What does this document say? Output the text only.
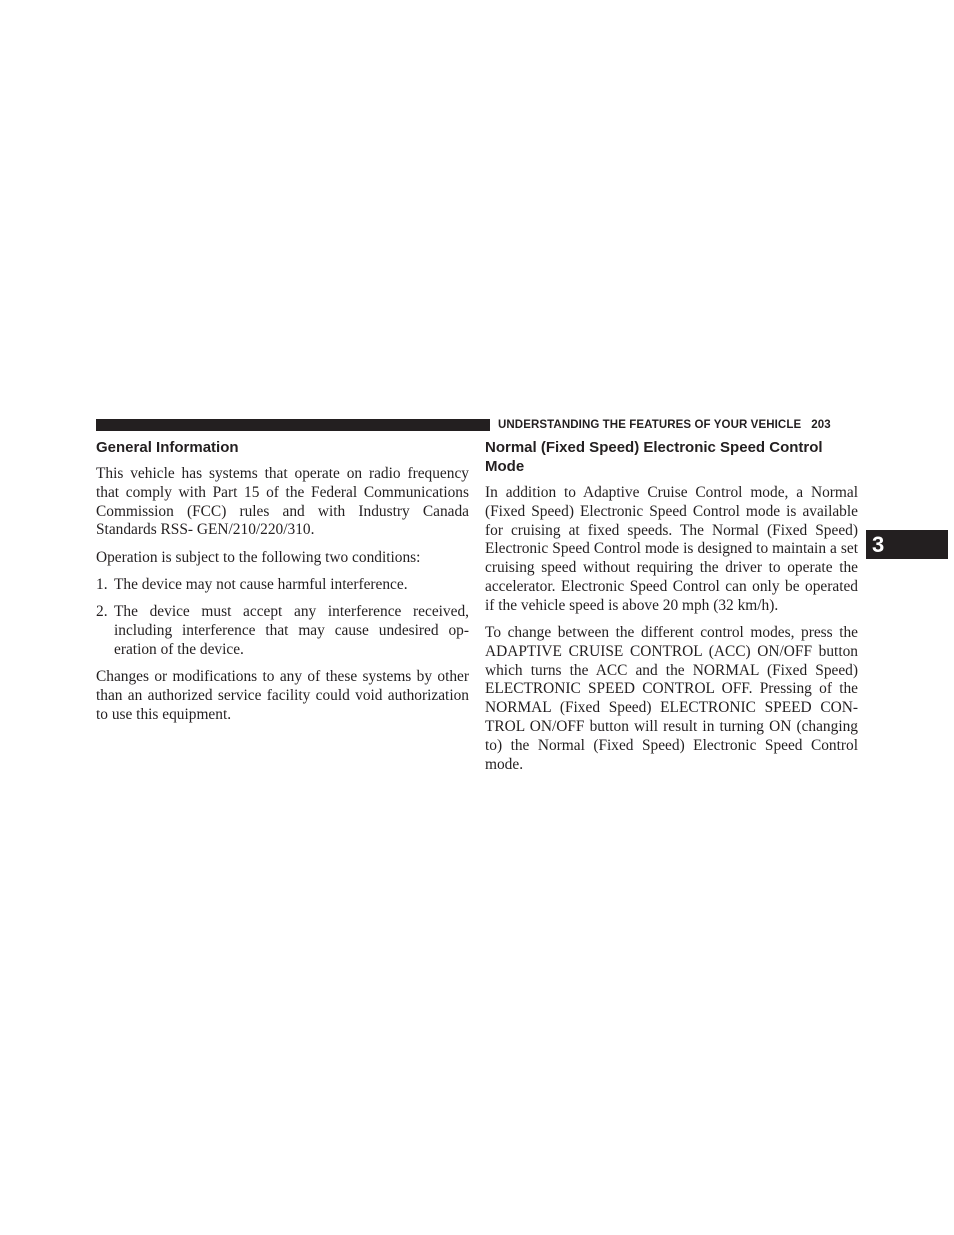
UNDERSTANDING THE FEATURES OF YOUR VEHICLE 203
General Information

This vehicle has systems that operate on radio frequency that comply with Part 15 of the Federal Communications Commission (FCC) rules and with Industry Canada Standards RSS- GEN/210/220/310.

Operation is subject to the following two conditions:

1. The device may not cause harmful interference.
2. The device must accept any interference received, including interference that may cause undesired operation of the device.

Changes or modifications to any of these systems by other than an authorized service facility could void authorization to use this equipment.

Normal (Fixed Speed) Electronic Speed Control Mode

In addition to Adaptive Cruise Control mode, a Normal (Fixed Speed) Electronic Speed Control mode is available for cruising at fixed speeds. The Normal (Fixed Speed) Electronic Speed Control mode is designed to maintain a set cruising speed without requiring the driver to operate the accelerator. Electronic Speed Control can only be operated if the vehicle speed is above 20 mph (32 km/h).

To change between the different control modes, press the ADAPTIVE CRUISE CONTROL (ACC) ON/OFF button which turns the ACC and the NORMAL (Fixed Speed) ELECTRONIC SPEED CONTROL OFF. Pressing of the NORMAL (Fixed Speed) ELECTRONIC SPEED CONTROL ON/OFF button will result in turning ON (changing to) the Normal (Fixed Speed) Electronic Speed Control mode.

3
